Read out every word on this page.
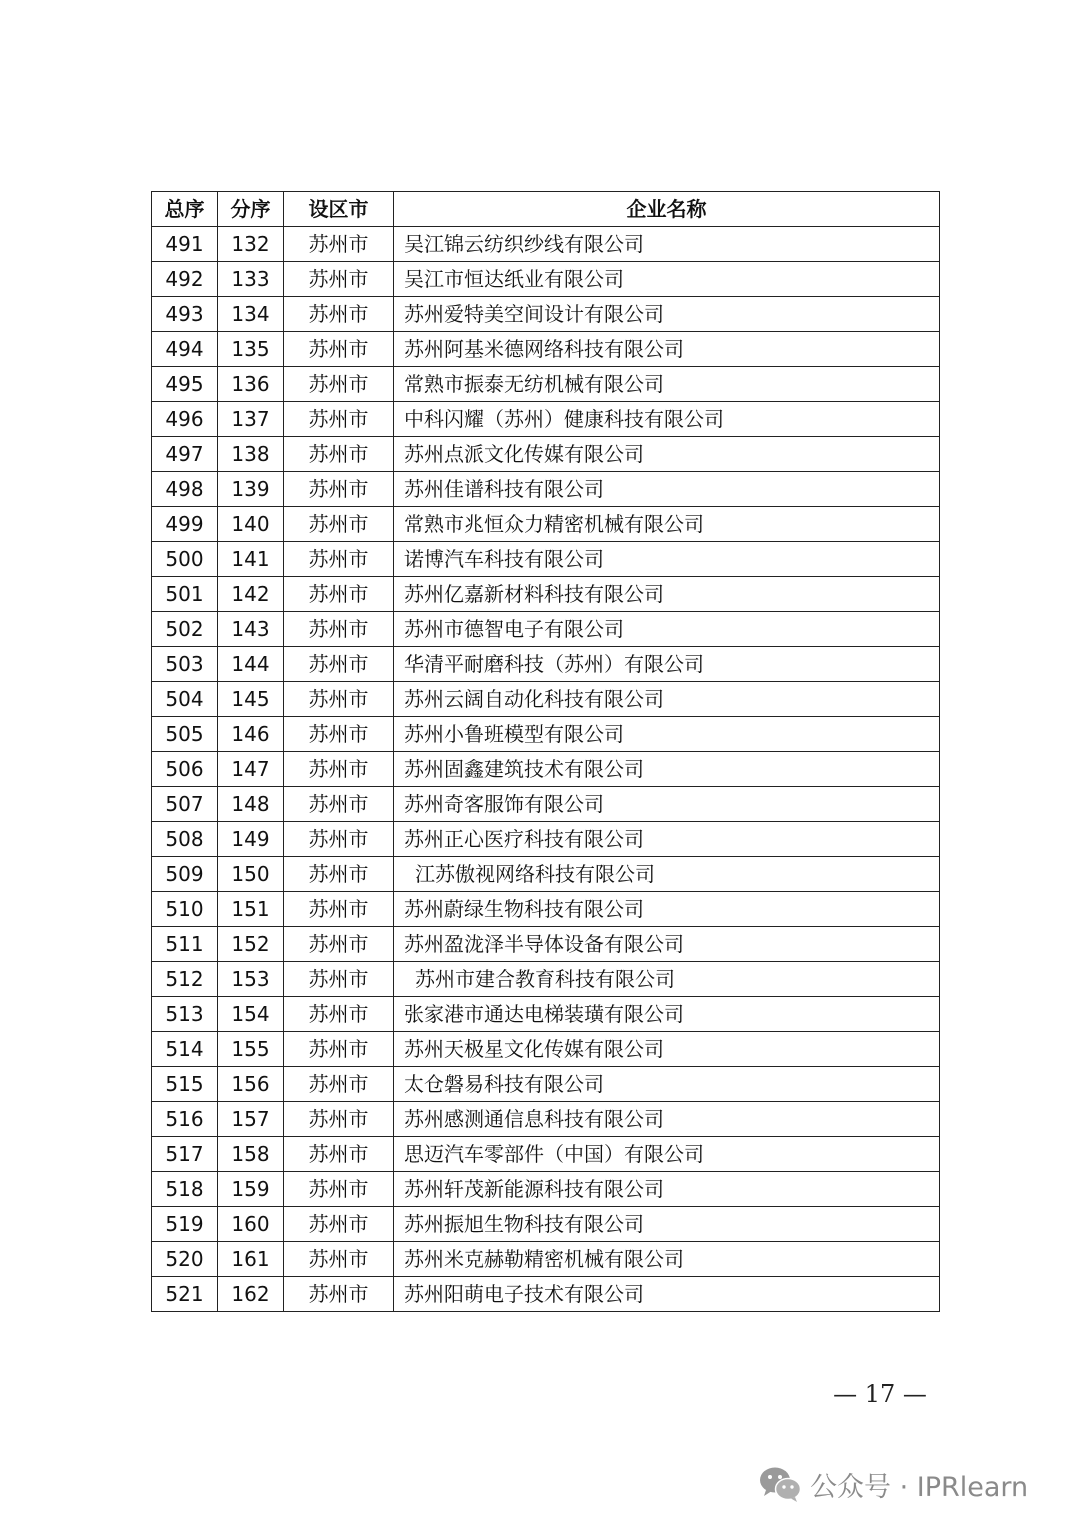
总序	分序	设区市	企业名称
491	132	苏州市	吴江锦云纺织纱线有限公司
492	133	苏州市	吴江市恒达纸业有限公司
493	134	苏州市	苏州爱特美空间设计有限公司
494	135	苏州市	苏州阿基米德网络科技有限公司
495	136	苏州市	常熟市振泰无纺机械有限公司
496	137	苏州市	中科闪耀（苏州）健康科技有限公司
497	138	苏州市	苏州点派文化传媒有限公司
498	139	苏州市	苏州佳谱科技有限公司
499	140	苏州市	常熟市兆恒众力精密机械有限公司
500	141	苏州市	诺博汽车科技有限公司
501	142	苏州市	苏州亿嘉新材料科技有限公司
502	143	苏州市	苏州市德智电子有限公司
503	144	苏州市	华清平耐磨科技（苏州）有限公司
504	145	苏州市	苏州云阔自动化科技有限公司
505	146	苏州市	苏州小鲁班模型有限公司
506	147	苏州市	苏州固鑫建筑技术有限公司
507	148	苏州市	苏州奇客服饰有限公司
508	149	苏州市	苏州正心医疗科技有限公司
509	150	苏州市	江苏傲视网络科技有限公司
510	151	苏州市	苏州蔚绿生物科技有限公司
511	152	苏州市	苏州盈泷泽半导体设备有限公司
512	153	苏州市	苏州市建合教育科技有限公司
513	154	苏州市	张家港市通达电梯装璜有限公司
514	155	苏州市	苏州天极星文化传媒有限公司
515	156	苏州市	太仓磐易科技有限公司
516	157	苏州市	苏州感测通信息科技有限公司
517	158	苏州市	思迈汽车零部件（中国）有限公司
518	159	苏州市	苏州轩茂新能源科技有限公司
519	160	苏州市	苏州振旭生物科技有限公司
520	161	苏州市	苏州米克赫勒精密机械有限公司
521	162	苏州市	苏州阳萌电子技术有限公司
— 17 —
公众号 · IPRlearn
